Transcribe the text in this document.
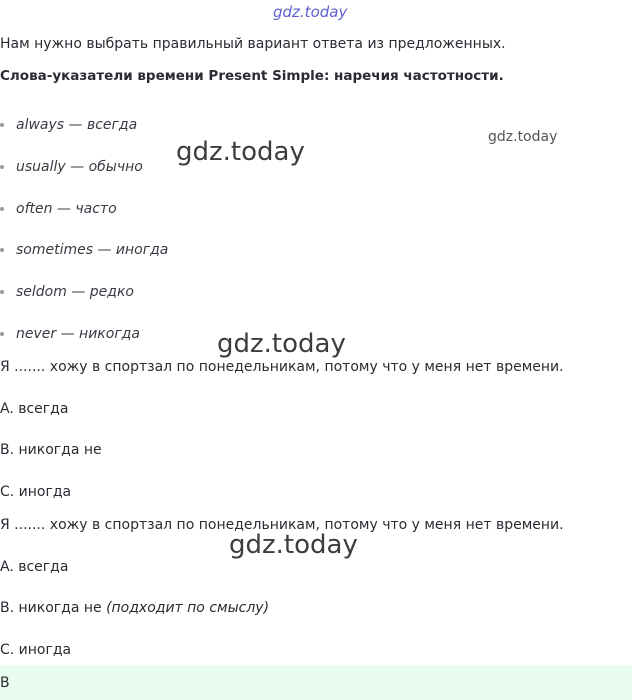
gdz.today
Нам нужно выбрать правильный вариант ответа из предложенных.
Слова-указатели времени Present Simple: наречия частотности.
always — всегда
usually — обычно
often — часто
sometimes — иногда
seldom — редко
never — никогда
Я ....... хожу в спортзал по понедельникам, потому что у меня нет времени.
A. всегда
B. никогда не
C. иногда
Я ....... хожу в спортзал по понедельникам, потому что у меня нет времени.
A. всегда
B. никогда не (подходит по смыслу)
C. иногда
B
gdz.today
gdz.today
gdz.today
gdz.today
